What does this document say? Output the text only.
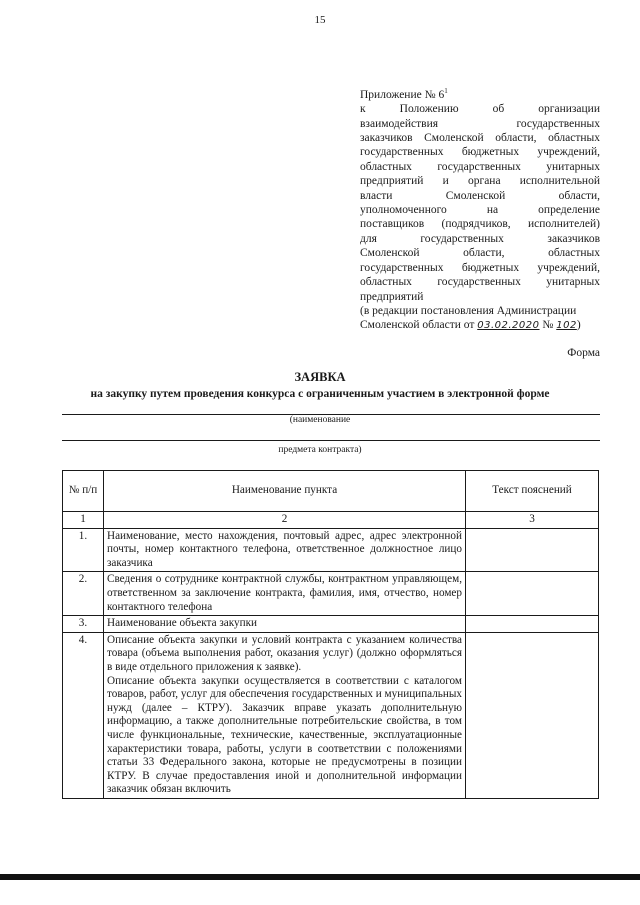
15
Приложение № $6^1$
к Положению об организации
взаимодействия государственных
заказчиков Смоленской области, областных
государственных бюджетных учреждений,
областных государственных унитарных
предприятий и органа исполнительной
власти Смоленской области,
уполномоченного на определение
поставщиков (подрядчиков, исполнителей)
для государственных заказчиков
Смоленской области, областных
государственных бюджетных учреждений,
областных государственных унитарных
предприятий
(в редакции постановления Администрации
Смоленской области от 03.02.2020 № 102)
Форма
ЗАЯВКА
на закупку путем проведения конкурса с ограниченным участием в электронной форме
(наименование
предмета контракта)
№ п/п	Наименование пункта	Текст пояснений
1	2	3
1.	Наименование, место нахождения, почтовый адрес, адрес электронной почты, номер контактного телефона, ответственное должностное лицо заказчика	
2.	Сведения о сотруднике контрактной службы, контрактном управляющем, ответственном за заключение контракта, фамилия, имя, отчество, номер контактного телефона	
3.	Наименование объекта закупки	
4.	Описание объекта закупки и условий контракта с указанием количества товара (объема выполнения работ, оказания услуг) (должно оформляться в виде отдельного приложения к заявке).
Описание объекта закупки осуществляется в соответствии с каталогом товаров, работ, услуг для обеспечения государственных и муниципальных нужд (далее – КТРУ). Заказчик вправе указать дополнительную информацию, а также дополнительные потребительские свойства, в том числе функциональные, технические, качественные, эксплуатационные характеристики товара, работы, услуги в соответствии с положениями статьи 33 Федерального закона, которые не предусмотрены в позиции КТРУ. В случае предоставления иной и дополнительной информации заказчик обязан включить	
